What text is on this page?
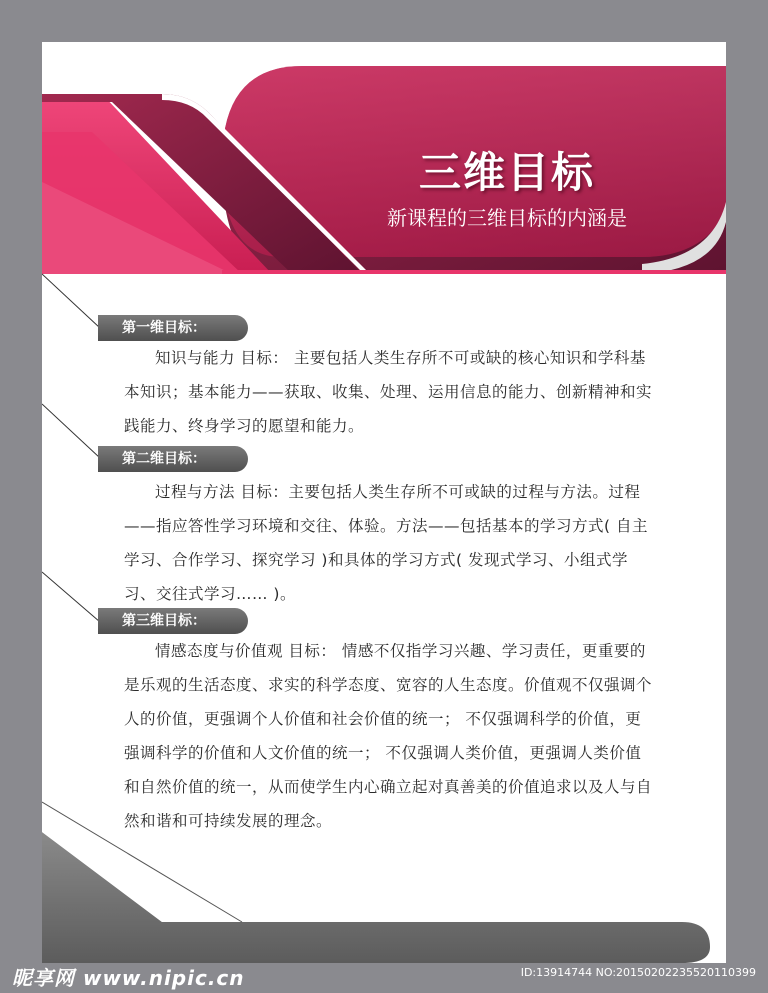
三维目标
新课程的三维目标的内涵是
第一维目标：
知识与能力 目标： 主要包括人类生存所不可或缺的核心知识和学科基本知识；基本能力——获取、收集、处理、运用信息的能力、创新精神和实践能力、终身学习的愿望和能力。
第二维目标：
过程与方法 目标：主要包括人类生存所不可或缺的过程与方法。过程——指应答性学习环境和交往、体验。方法——包括基本的学习方式( 自主学习、合作学习、探究学习 )和具体的学习方式( 发现式学习、小组式学习、交往式学习…… )。
第三维目标：
情感态度与价值观 目标： 情感不仅指学习兴趣、学习责任，更重要的是乐观的生活态度、求实的科学态度、宽容的人生态度。价值观不仅强调个人的价值，更强调个人价值和社会价值的统一； 不仅强调科学的价值，更强调科学的价值和人文价值的统一； 不仅强调人类价值，更强调人类价值和自然价值的统一，从而使学生内心确立起对真善美的价值追求以及人与自然和谐和可持续发展的理念。
昵享网 www.nipic.cn	ID:13914744 NO:20150202235520110399
